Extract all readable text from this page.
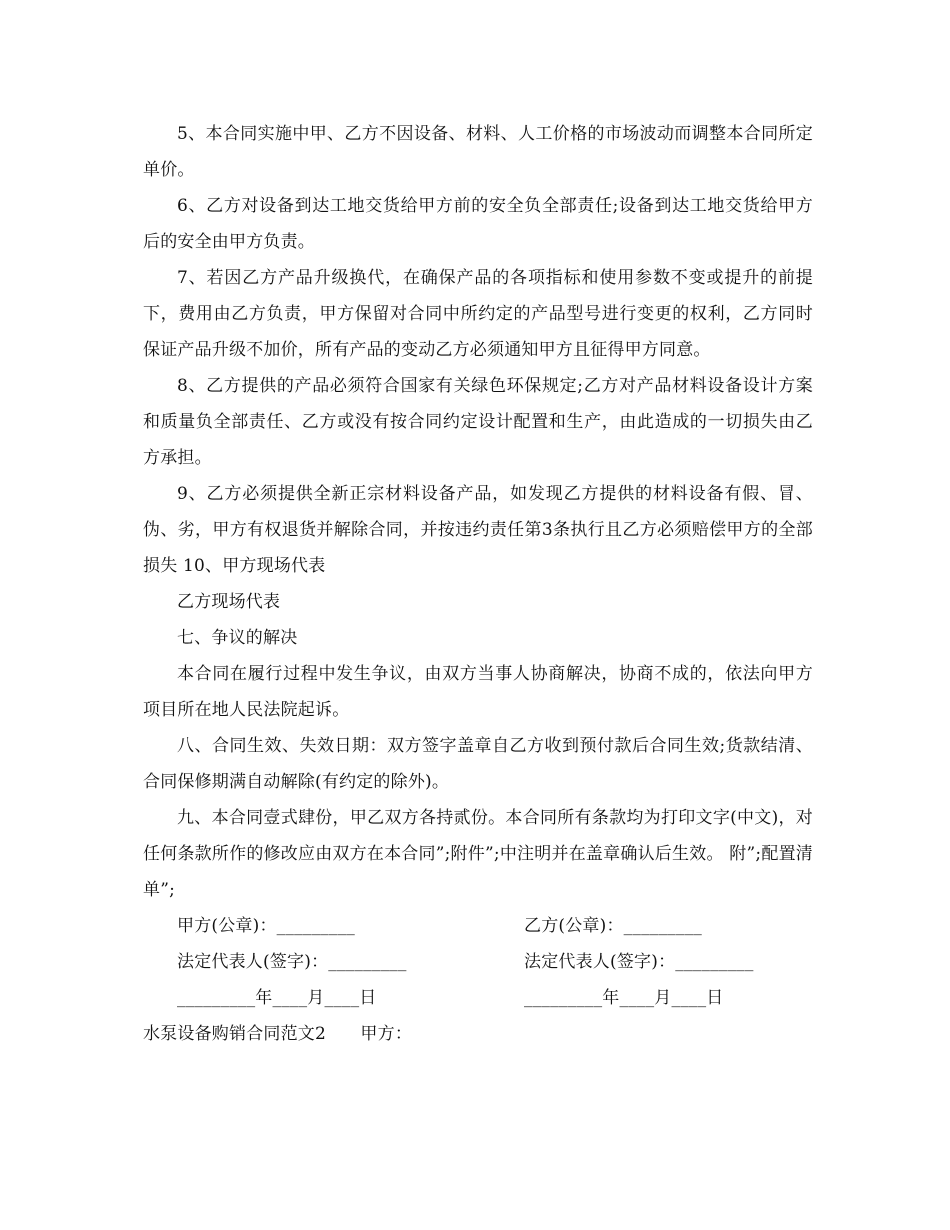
5、本合同实施中甲、乙方不因设备、材料、人工价格的市场波动而调整本合同所定单价。

6、乙方对设备到达工地交货给甲方前的安全负全部责任;设备到达工地交货给甲方后的安全由甲方负责。

7、若因乙方产品升级换代，在确保产品的各项指标和使用参数不变或提升的前提下，费用由乙方负责，甲方保留对合同中所约定的产品型号进行变更的权利，乙方同时保证产品升级不加价，所有产品的变动乙方必须通知甲方且征得甲方同意。

8、乙方提供的产品必须符合国家有关绿色环保规定;乙方对产品材料设备设计方案和质量负全部责任、乙方或没有按合同约定设计配置和生产，由此造成的一切损失由乙方承担。

9、乙方必须提供全新正宗材料设备产品，如发现乙方提供的材料设备有假、冒、伪、劣，甲方有权退货并解除合同，并按违约责任第3条执行且乙方必须赔偿甲方的全部损失 10、甲方现场代表

乙方现场代表

七、争议的解决

本合同在履行过程中发生争议，由双方当事人协商解决，协商不成的，依法向甲方项目所在地人民法院起诉。

八、合同生效、失效日期：双方签字盖章自乙方收到预付款后合同生效;货款结清、合同保修期满自动解除(有约定的除外)。

九、本合同壹式肆份，甲乙双方各持贰份。本合同所有条款均为打印文字(中文)，对任何条款所作的修改应由双方在本合同”;附件”;中注明并在盖章确认后生效。 附”;配置清单”;

甲方(公章)：_________	乙方(公章)：_________
法定代表人(签字)：_________	法定代表人(签字)：_________
_________年____月____日	_________年____月____日

水泵设备购销合同范文2　　甲方：
